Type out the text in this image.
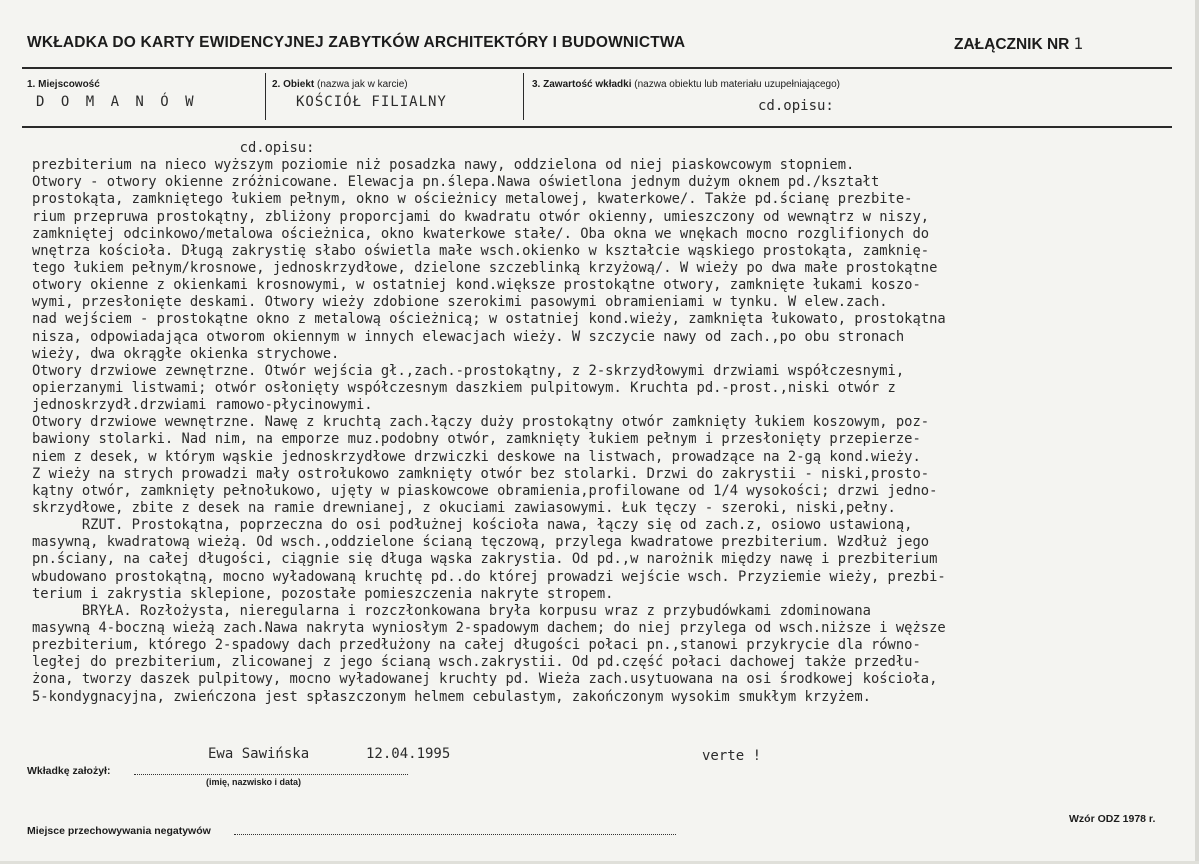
WKŁADKA DO KARTY EWIDENCYJNEJ ZABYTKÓW ARCHITEKTÓRY I BUDOWNICTWA	ZAŁĄCZNIK NR 1
1. Miejscowość
D O M A N Ó W
2. Obiekt (nazwa jak w karcie)
KOŚCIÓŁ FILIALNY
3. Zawartość wkładki (nazwa obiektu lub materiału uzupełniającego)
cd.opisu:
cd.opisu:
prezbiterium na nieco wyższym poziomie niż posadzka nawy, oddzielona od niej piaskowcowym stopniem.
Otwory - otwory okienne zróżnicowane. Elewacja pn.ślepa.Nawa oświetlona jednym dużym oknem pd./kształt
prostokąta, zamkniętego łukiem pełnym, okno w ościeżnicy metalowej, kwaterkowe/. Także pd.ścianę prezbite-
rium przepruwa prostokątny, zbliżony proporcjami do kwadratu otwór okienny, umieszczony od wewnątrz w niszy,
zamkniętej odcinkowo/metalowa ościeżnica, okno kwaterkowe stałe/. Oba okna we wnękach mocno rozglifionych do
wnętrza kościoła. Długą zakrystię słabo oświetla małe wsch.okienko w kształcie wąskiego prostokąta, zamknię-
tego łukiem pełnym/krosnowe, jednoskrzydłowe, dzielone szczeblinką krzyżową/. W wieży po dwa małe prostokątne
otwory okienne z okienkami krosnowymi, w ostatniej kond.większe prostokątne otwory, zamknięte łukami koszo-
wymi, przesłonięte deskami. Otwory wieży zdobione szerokimi pasowymi obramieniami w tynku. W elew.zach.
nad wejściem - prostokątne okno z metalową ościeżnicą; w ostatniej kond.wieży, zamknięta łukowato, prostokątna
nisza, odpowiadająca otworom okiennym w innych elewacjach wieży. W szczycie nawy od zach.,po obu stronach
wieży, dwa okrągłe okienka strychowe.
Otwory drzwiowe zewnętrzne. Otwór wejścia gł.,zach.-prostokątny, z 2-skrzydłowymi drzwiami współczesnymi,
opierzanymi listwami; otwór osłonięty współczesnym daszkiem pulpitowym. Kruchta pd.-prost.,niski otwór z
jednoskrzydł.drzwiami ramowo-płycinowymi.
Otwory drzwiowe wewnętrzne. Nawę z kruchtą zach.łączy duży prostokątny otwór zamknięty łukiem koszowym, poz-
bawiony stolarki. Nad nim, na emporze muz.podobny otwór, zamknięty łukiem pełnym i przesłonięty przepierze-
niem z desek, w którym wąskie jednoskrzydłowe drzwiczki deskowe na listwach, prowadzące na 2-gą kond.wieży.
Z wieży na strych prowadzi mały ostrołukowo zamknięty otwór bez stolarki. Drzwi do zakrystii - niski,prosto-
kątny otwór, zamknięty pełnołukowo, ujęty w piaskowcowe obramienia,profilowane od 1/4 wysokości; drzwi jedno-
skrzydłowe, zbite z desek na ramie drewnianej, z okuciami zawiasowymi. Łuk tęczy - szeroki, niski,pełny.
RZUT. Prostokątna, poprzeczna do osi podłużnej kościoła nawa, łączy się od zach.z, osiowo ustawioną,
masywną, kwadratową wieżą. Od wsch.,oddzielone ścianą tęczową, przylega kwadratowe prezbiterium. Wzdłuż jego
pn.ściany, na całej długości, ciągnie się długa wąska zakrystia. Od pd.,w narożnik między nawę i prezbiterium
wbudowano prostokątną, mocno wyładowaną kruchtę pd..do której prowadzi wejście wsch. Przyziemie wieży, prezbi-
terium i zakrystia sklepione, pozostałe pomieszczenia nakryte stropem.
BRYŁA. Rozłożysta, nieregularna i rozczłonkowana bryła korpusu wraz z przybudówkami zdominowana
masywną 4-boczną wieżą zach.Nawa nakryta wyniosłym 2-spadowym dachem; do niej przylega od wsch.niższe i węższe
prezbiterium, którego 2-spadowy dach przedłużony na całej długości połaci pn.,stanowi przykrycie dla równo-
ległej do prezbiterium, zlicowanej z jego ścianą wsch.zakrystii. Od pd.część połaci dachowej także przedłu-
żona, tworzy daszek pulpitowy, mocno wyładowanej kruchty pd. Wieża zach.usytuowana na osi środkowej kościoła,
5-kondygnacyjna, zwieńczona jest spłaszczonym helmem cebulastym, zakończonym wysokim smukłym krzyżem.
Ewa Sawińska	12.04.1995	verte !
Wkładkę założył:
(imię, nazwisko i data)
Miejsce przechowywania negatywów
Wzór ODZ 1978 r.
